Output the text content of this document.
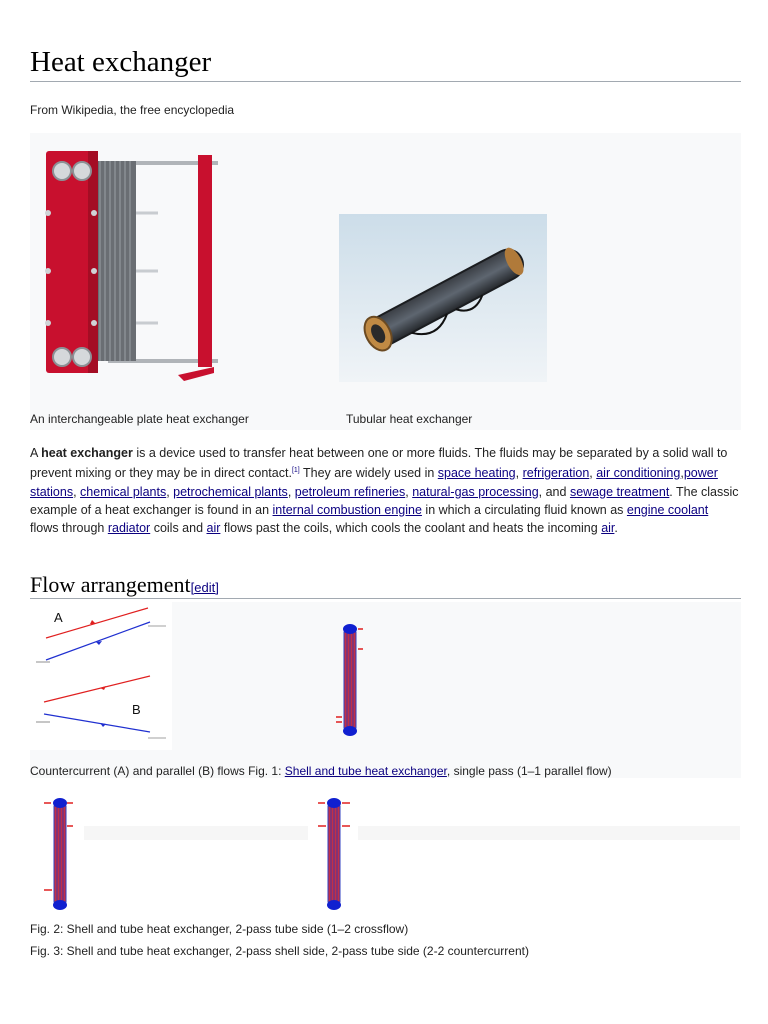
Heat exchanger
From Wikipedia, the free encyclopedia
An interchangeable plate heat exchanger	Tubular heat exchanger
A heat exchanger is a device used to transfer heat between one or more fluids. The fluids may be separated by a solid wall to prevent mixing or they may be in direct contact.[1] They are widely used in space heating, refrigeration, air conditioning,power stations, chemical plants, petrochemical plants, petroleum refineries, natural-gas processing, and sewage treatment. The classic example of a heat exchanger is found in an internal combustion engine in which a circulating fluid known as engine coolant flows through radiator coils and air flows past the coils, which cools the coolant and heats the incoming air.
Flow arrangement[edit]
A
B
Countercurrent (A) and parallel (B) flows Fig. 1: Shell and tube heat exchanger, single pass (1–1 parallel flow)
Fig. 2: Shell and tube heat exchanger, 2-pass tube side (1–2 crossflow)
Fig. 3: Shell and tube heat exchanger, 2-pass shell side, 2-pass tube side (2-2 countercurrent)
